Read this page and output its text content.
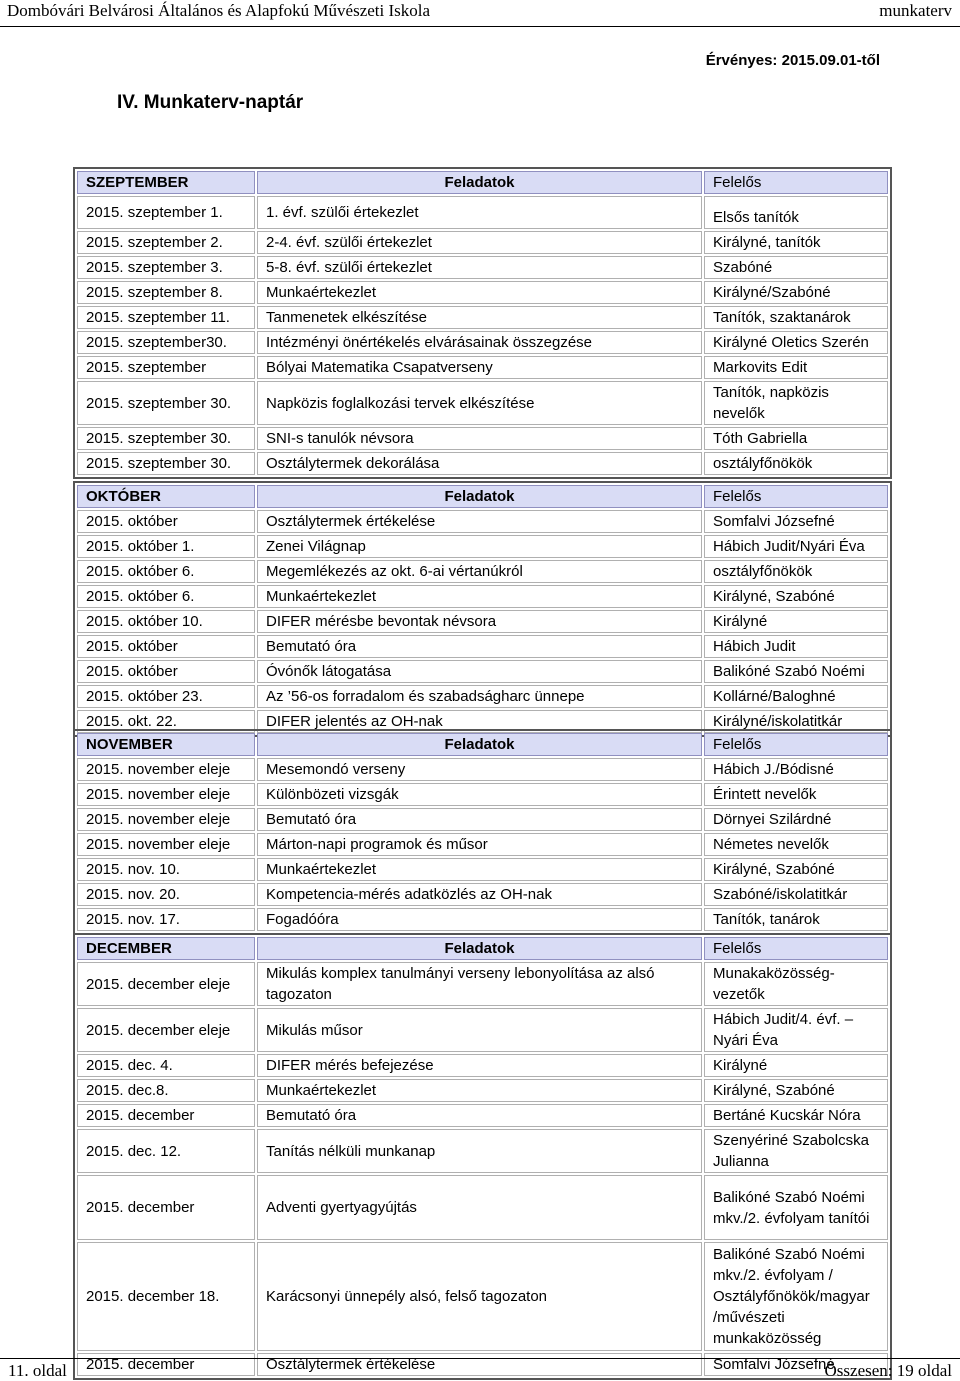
Dombóvári Belvárosi Általános és Alapfokú Művészeti Iskola	munkaterv
Érvényes: 2015.09.01-től
IV. Munkaterv-naptár
SZEPTEMBER	Feladatok	Felelős
2015. szeptember 1.	1. évf. szülői értekezlet	Elsős tanítók
2015. szeptember 2.	2-4. évf. szülői értekezlet	Királyné, tanítók
2015. szeptember 3.	5-8. évf. szülői értekezlet	Szabóné
2015. szeptember 8.	Munkaértekezlet	Királyné/Szabóné
2015. szeptember 11.	Tanmenetek elkészítése	Tanítók, szaktanárok
2015. szeptember30.	Intézményi önértékelés elvárásainak összegzése	Királyné Oletics Szerén
2015. szeptember	Bólyai Matematika Csapatverseny	Markovits Edit
2015. szeptember 30.	Napközis foglalkozási tervek elkészítése	Tanítók, napközis nevelők
2015. szeptember 30.	SNI-s tanulók névsora	Tóth Gabriella
2015. szeptember 30.	Osztálytermek dekorálása	osztályfőnökök
OKTÓBER	Feladatok	Felelős
2015. október	Osztálytermek értékelése	Somfalvi Józsefné
2015. október 1.	Zenei Világnap	Hábich Judit/Nyári Éva
2015. október 6.	Megemlékezés az okt. 6-ai vértanúkról	osztályfőnökök
2015. október 6.	Munkaértekezlet	Királyné, Szabóné
2015. október 10.	DIFER mérésbe bevontak névsora	Királyné
2015. október	Bemutató óra	Hábich Judit
2015. október	Óvónők látogatása	Balikóné Szabó Noémi
2015. október 23.	Az ’56-os forradalom és szabadságharc ünnepe	Kollárné/Baloghné
2015. okt. 22.	DIFER jelentés az OH-nak	Királyné/iskolatitkár
NOVEMBER	Feladatok	Felelős
2015. november eleje	Mesemondó verseny	Hábich J./Bódisné
2015. november eleje	Különbözeti vizsgák	Érintett nevelők
2015. november eleje	Bemutató óra	Dörnyei Szilárdné
2015. november eleje	Márton-napi programok és műsor	Németes nevelők
2015. nov. 10.	Munkaértekezlet	Királyné, Szabóné
2015. nov. 20.	Kompetencia-mérés adatközlés az OH-nak	Szabóné/iskolatitkár
2015. nov. 17.	Fogadóóra	Tanítók, tanárok
DECEMBER	Feladatok	Felelős
2015. december eleje	Mikulás komplex tanulmányi verseny lebonyolítása az alsó tagozaton	Munakaközösség-vezetők
2015. december eleje	Mikulás műsor	Hábich Judit/4. évf. – Nyári Éva
2015. dec. 4.	DIFER mérés befejezése	Királyné
2015. dec.8.	Munkaértekezlet	Királyné, Szabóné
2015. december	Bemutató óra	Bertáné Kucskár Nóra
2015. dec. 12.	Tanítás nélküli munkanap	Szenyériné Szabolcska Julianna
2015. december	Adventi gyertyagyújtás	Balikóné Szabó Noémi mkv./2. évfolyam tanítói
2015. december 18.	Karácsonyi ünnepély alsó, felső tagozaton	Balikóné Szabó Noémi mkv./2. évfolyam / Osztályfőnökök/magyar /művészeti munkaközösség
2015. december	Osztálytermek értékelése	Somfalvi Józsefné
11. oldal	Összesen: 19 oldal
